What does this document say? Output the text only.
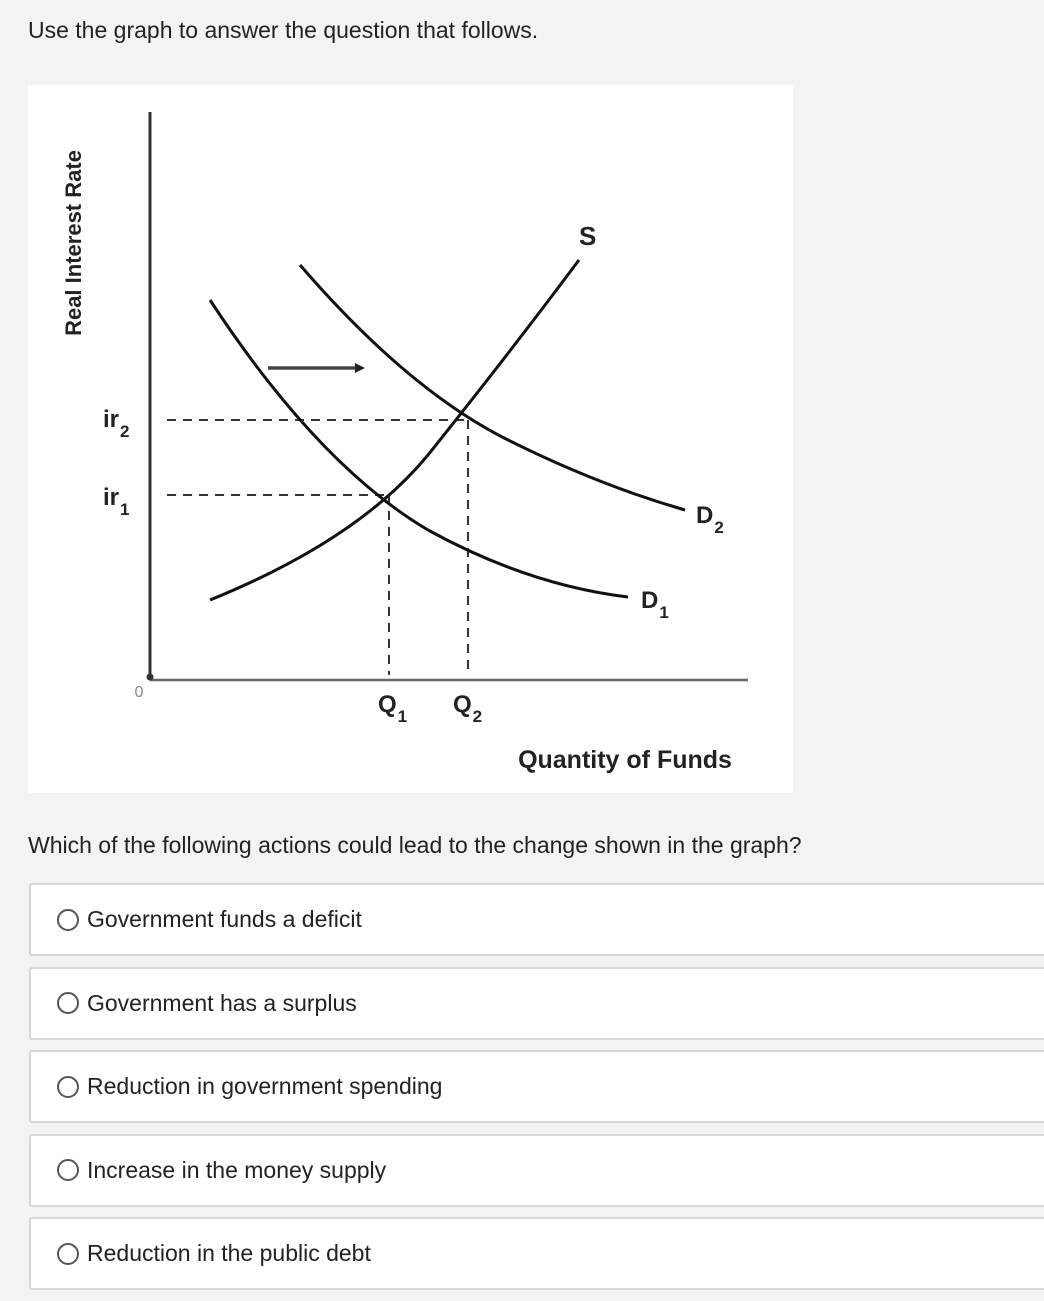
Use the graph to answer the question that follows.

Real Interest Rate
Quantity of Funds
0
ir2
ir1
Q1 Q2
S
D2
D1

Which of the following actions could lead to the change shown in the graph?

Government funds a deficit
Government has a surplus
Reduction in government spending
Increase in the money supply
Reduction in the public debt
